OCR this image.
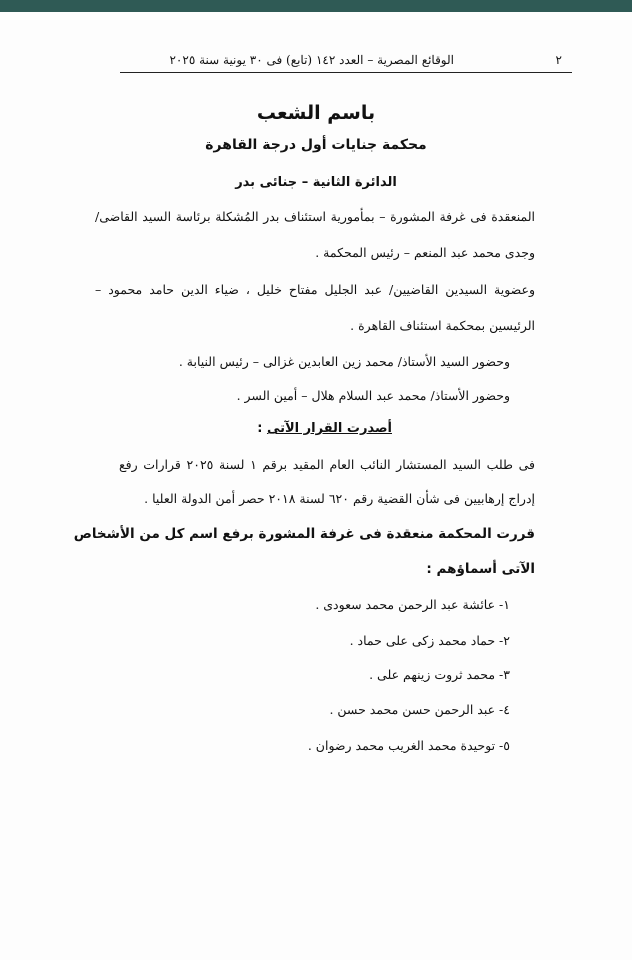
٢
الوقائع المصرية – العدد ١٤٢ (تابع) فى ٣٠ يونية سنة ٢٠٢٥
باسم الشعب
محكمة جنايات أول درجة القاهرة
الدائرة الثانية – جنائى بدر
المنعقدة فى غرفة المشورة – بمأمورية استئناف بدر المُشكلة برئاسة السيد القاضى/
وجدى محمد عبد المنعم – رئيس المحكمة .
وعضوية السيدين القاضيين/ عبد الجليل مفتاح خليل ، ضياء الدين حامد محمود –
الرئيسين بمحكمة استئناف القاهرة .
وحضور السيد الأستاذ/ محمد زين العابدين غزالى – رئيس النيابة .
وحضور الأستاذ/ محمد عبد السلام هلال – أمين السر .
أصدرت القرار الآتى :
فى طلب السيد المستشار النائب العام المقيد برقم ١ لسنة ٢٠٢٥ قرارات رفع
إدراج إرهابيين فى شأن القضية رقم ٦٢٠ لسنة ٢٠١٨ حصر أمن الدولة العليا .
قررت المحكمة منعقدة فى غرفة المشورة برفع اسم كل من الأشخاص
الآتى أسماؤهم :
١- عائشة عبد الرحمن محمد سعودى .
٢- حماد محمد زكى على حماد .
٣- محمد ثروت زينهم على .
٤- عبد الرحمن حسن محمد حسن .
٥- توحيدة محمد الغريب محمد رضوان .
